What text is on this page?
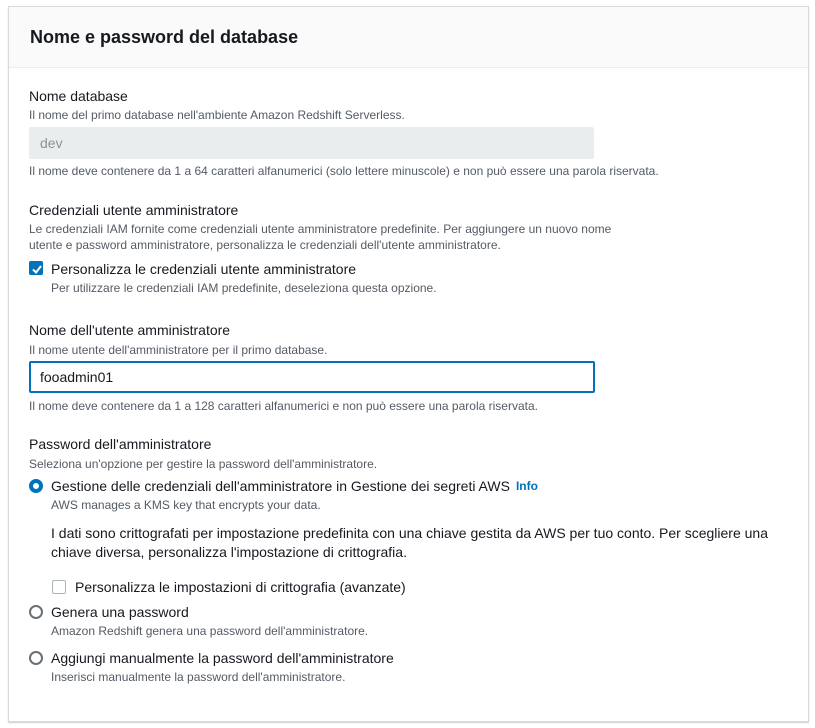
Nome e password del database
Nome database
Il nome del primo database nell'ambiente Amazon Redshift Serverless.
dev
Il nome deve contenere da 1 a 64 caratteri alfanumerici (solo lettere minuscole) e non può essere una parola riservata.
Credenziali utente amministratore
Le credenziali IAM fornite come credenziali utente amministratore predefinite. Per aggiungere un nuovo nome
utente e password amministratore, personalizza le credenziali dell'utente amministratore.
Personalizza le credenziali utente amministratore
Per utilizzare le credenziali IAM predefinite, deseleziona questa opzione.
Nome dell'utente amministratore
Il nome utente dell'amministratore per il primo database.
fooadmin01
Il nome deve contenere da 1 a 128 caratteri alfanumerici e non può essere una parola riservata.
Password dell'amministratore
Seleziona un'opzione per gestire la password dell'amministratore.
Gestione delle credenziali dell'amministratore in Gestione dei segreti AWS Info
AWS manages a KMS key that encrypts your data.
I dati sono crittografati per impostazione predefinita con una chiave gestita da AWS per tuo conto. Per scegliere una
chiave diversa, personalizza l'impostazione di crittografia.
Personalizza le impostazioni di crittografia (avanzate)
Genera una password
Amazon Redshift genera una password dell'amministratore.
Aggiungi manualmente la password dell'amministratore
Inserisci manualmente la password dell'amministratore.
